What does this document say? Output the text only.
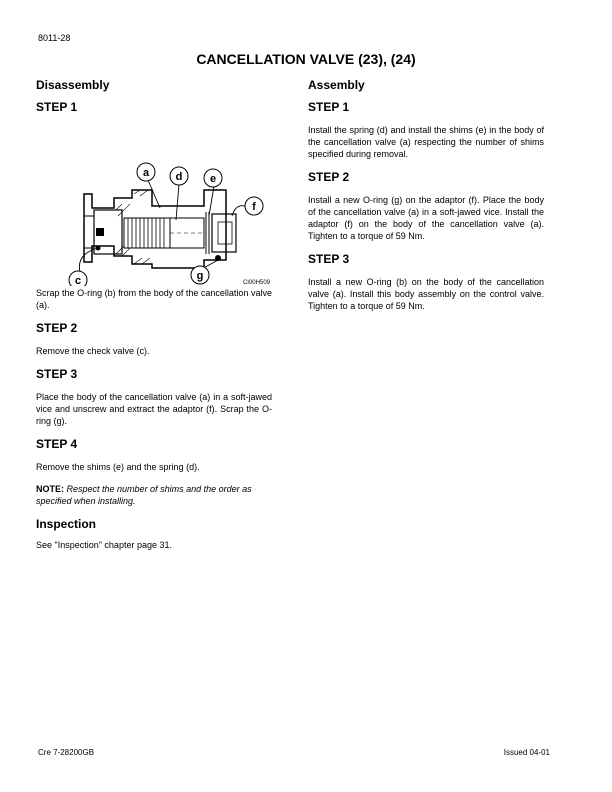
8011-28
CANCELLATION VALVE (23), (24)
Disassembly
STEP 1
a d	e
f
c	g
CI00H509

Scrap the O-ring (b) from the body of the cancellation valve (a).

STEP 2

Remove the check valve (c).

STEP 3

Place the body of the cancellation valve (a) in a soft-jawed vice and unscrew and extract the adaptor (f). Scrap the O-ring (g).

STEP 4

Remove the shims (e) and the spring (d).

NOTE: Respect the number of shims and the order as specified when installing.

Inspection

See "Inspection" chapter page 31.

Assembly
STEP 1

Install the spring (d) and install the shims (e) in the body of the cancellation valve (a) respecting the number of shims specified during removal.

STEP 2

Install a new O-ring (g) on the adaptor (f). Place the body of the cancellation valve (a) in a soft-jawed vice. Install the adaptor (f) on the body of the cancellation valve (a). Tighten to a torque of 59 Nm.

STEP 3

Install a new O-ring (b) on the body of the cancellation valve (a). Install this body assembly on the control valve. Tighten to a torque of 59 Nm.

Cre 7-28200GB	Issued 04-01
